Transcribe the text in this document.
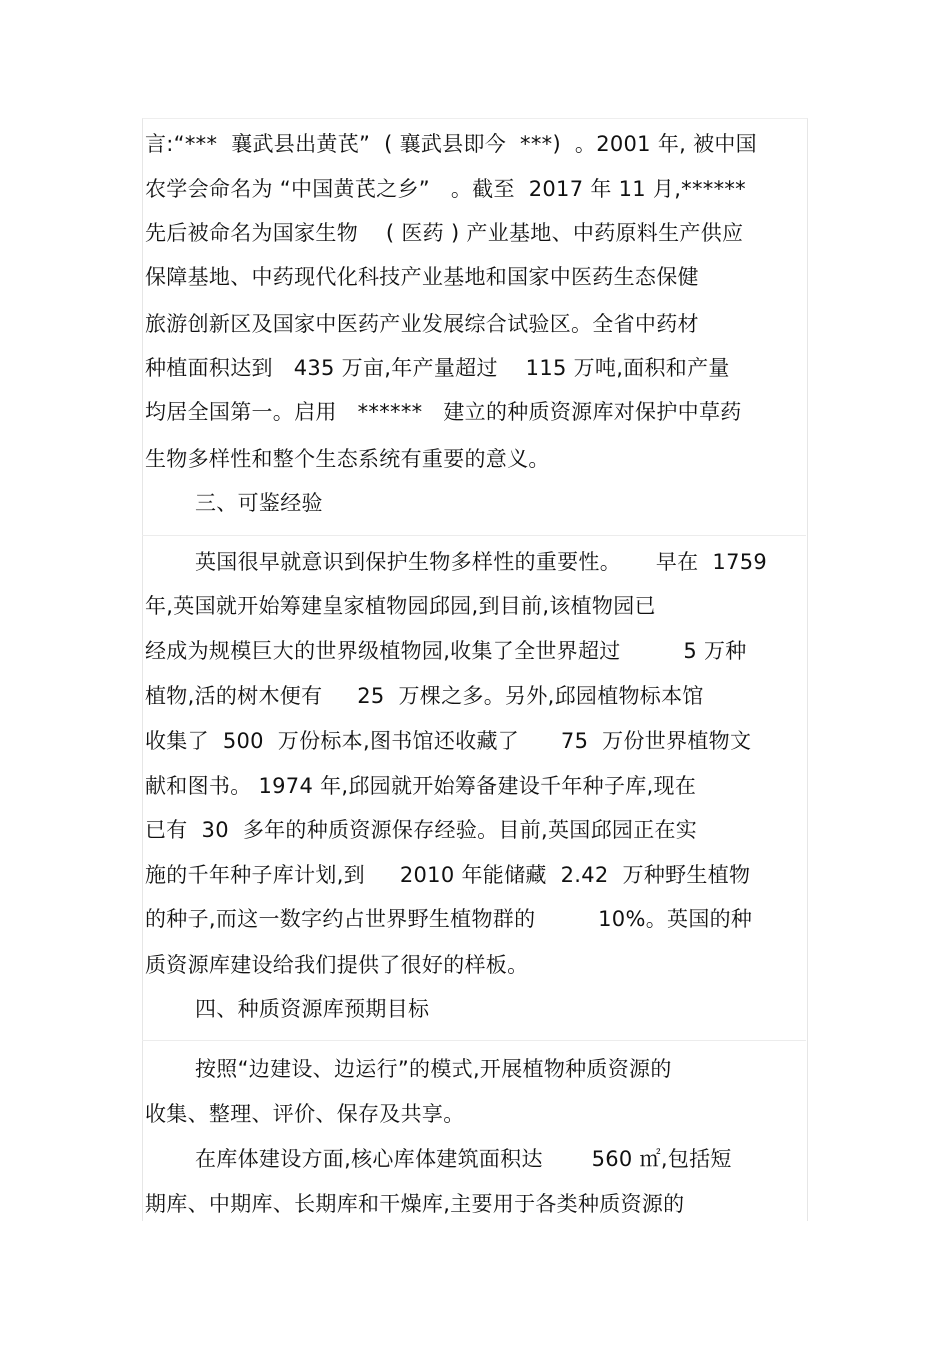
言:“***  襄武县出黄芪”  ( 襄武县即今  ***)  。2001 年, 被中国
农学会命名为 “中国黄芪之乡”   。截至  2017 年 11 月,******
先后被命名为国家生物    ( 医药 ) 产业基地、中药原料生产供应
保障基地、中药现代化科技产业基地和国家中医药生态保健
旅游创新区及国家中医药产业发展综合试验区。全省中药材
种植面积达到   435 万亩,年产量超过    115 万吨,面积和产量
均居全国第一。启用   ******   建立的种质资源库对保护中草药
生物多样性和整个生态系统有重要的意义。
三、可鉴经验
英国很早就意识到保护生物多样性的重要性。     早在  1759
年,英国就开始筹建皇家植物园邱园,到目前,该植物园已
经成为规模巨大的世界级植物园,收集了全世界超过         5 万种
植物,活的树木便有     25  万棵之多。另外,邱园植物标本馆
收集了  500  万份标本,图书馆还收藏了      75  万份世界植物文
献和图书。 1974 年,邱园就开始筹备建设千年种子库,现在
已有  30  多年的种质资源保存经验。目前,英国邱园正在实
施的千年种子库计划,到     2010 年能储藏  2.42  万种野生植物
的种子,而这一数字约占世界野生植物群的         10%。英国的种
质资源库建设给我们提供了很好的样板。
四、种质资源库预期目标
按照“边建设、边运行”的模式,开展植物种质资源的
收集、整理、评价、保存及共享。
在库体建设方面,核心库体建筑面积达       560 ㎡,包括短
期库、中期库、长期库和干燥库,主要用于各类种质资源的
